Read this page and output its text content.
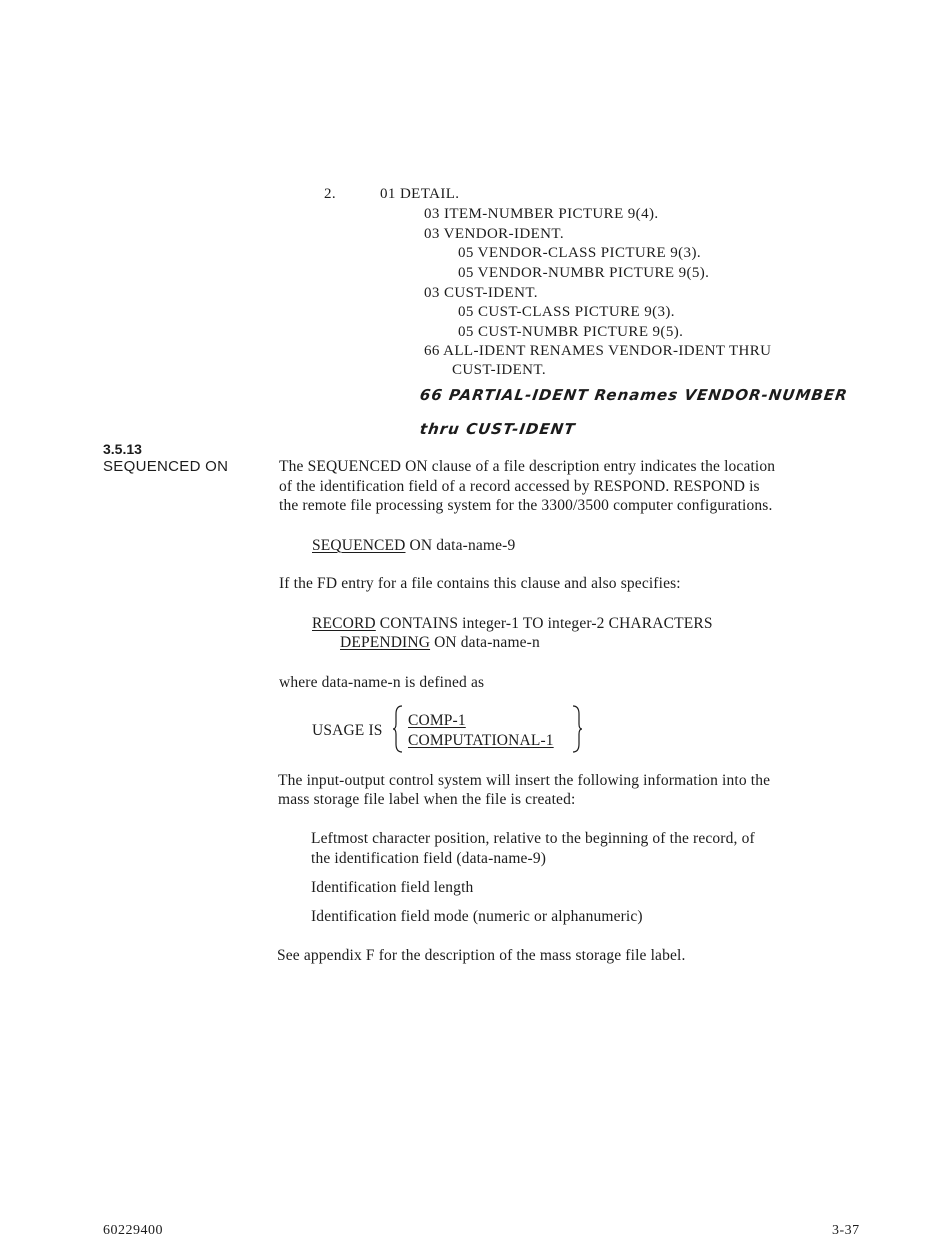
2.	01 DETAIL.
03 ITEM-NUMBER PICTURE 9(4).
03 VENDOR-IDENT.
05 VENDOR-CLASS PICTURE 9(3).
05 VENDOR-NUMBR PICTURE 9(5).
03 CUST-IDENT.
05 CUST-CLASS PICTURE 9(3).
05 CUST-NUMBR PICTURE 9(5).
66 ALL-IDENT RENAMES VENDOR-IDENT THRU
CUST-IDENT.
66 PARTIAL-IDENT Renames VENDOR-NUMBER
thru CUST-IDENT
3.5.13
SEQUENCED ON	The SEQUENCED ON clause of a file description entry indicates the location
of the identification field of a record accessed by RESPOND. RESPOND is
the remote file processing system for the 3300/3500 computer configurations.
SEQUENCED ON data-name-9
If the FD entry for a file contains this clause and also specifies:
RECORD CONTAINS integer-1 TO integer-2 CHARACTERS
DEPENDING ON data-name-n
where data-name-n is defined as
USAGE IS
COMP-1
COMPUTATIONAL-1
The input-output control system will insert the following information into the
mass storage file label when the file is created:
Leftmost character position, relative to the beginning of the record, of
the identification field (data-name-9)
Identification field length
Identification field mode (numeric or alphanumeric)
See appendix F for the description of the mass storage file label.
60229400	3-37
